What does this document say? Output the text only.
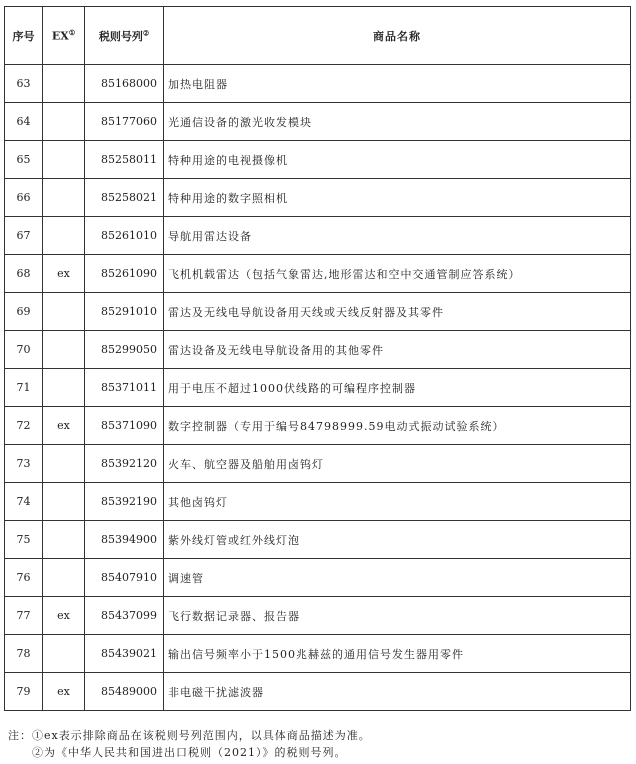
序号	EX①	税则号列②	商品名称
63		85168000	加热电阻器
64		85177060	光通信设备的激光收发模块
65		85258011	特种用途的电视摄像机
66		85258021	特种用途的数字照相机
67		85261010	导航用雷达设备
68	ex	85261090	飞机机载雷达（包括气象雷达,地形雷达和空中交通管制应答系统）
69		85291010	雷达及无线电导航设备用天线或天线反射器及其零件
70		85299050	雷达设备及无线电导航设备用的其他零件
71		85371011	用于电压不超过1000伏线路的可编程序控制器
72	ex	85371090	数字控制器（专用于编号84798999.59电动式振动试验系统）
73		85392120	火车、航空器及船舶用卤钨灯
74		85392190	其他卤钨灯
75		85394900	紫外线灯管或红外线灯泡
76		85407910	调速管
77	ex	85437099	飞行数据记录器、报告器
78		85439021	输出信号频率小于1500兆赫兹的通用信号发生器用零件
79	ex	85489000	非电磁干扰滤波器
注：①ex表示排除商品在该税则号列范围内，以具体商品描述为准。
②为《中华人民共和国进出口税则（2021）》的税则号列。
